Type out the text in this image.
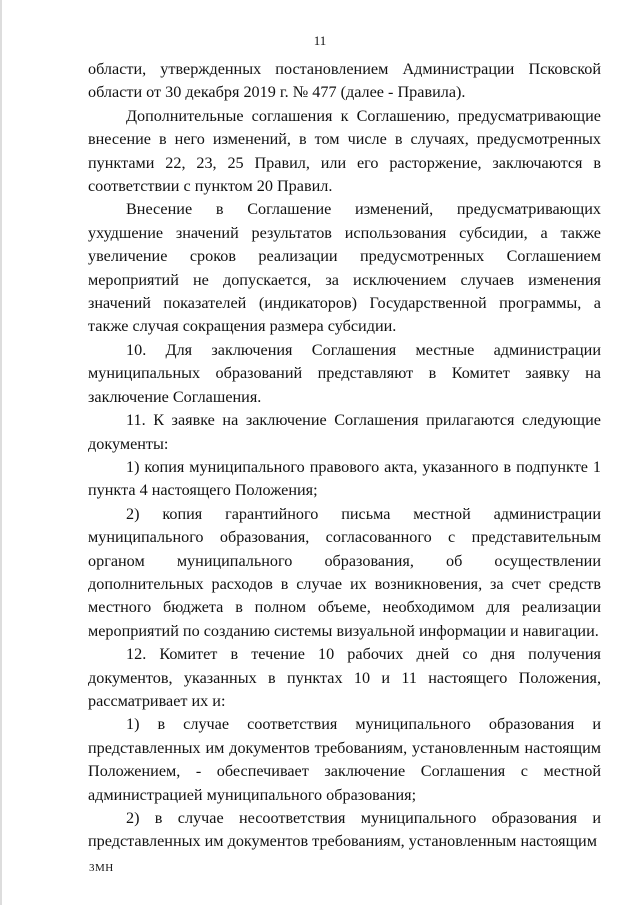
11

области, утвержденных постановлением Администрации Псковской области от 30 декабря 2019 г. № 477 (далее - Правила).

Дополнительные соглашения к Соглашению, предусматривающие внесение в него изменений, в том числе в случаях, предусмотренных пунктами 22, 23, 25 Правил, или его расторжение, заключаются в соответствии с пунктом 20 Правил.

Внесение в Соглашение изменений, предусматривающих ухудшение значений результатов использования субсидии, а также увеличение сроков реализации предусмотренных Соглашением мероприятий не допускается, за исключением случаев изменения значений показателей (индикаторов) Государственной программы, а также случая сокращения размера субсидии.

10. Для заключения Соглашения местные администрации муниципальных образований представляют в Комитет заявку на заключение Соглашения.

11. К заявке на заключение Соглашения прилагаются следующие документы:

1) копия муниципального правового акта, указанного в подпункте 1 пункта 4 настоящего Положения;

2) копия гарантийного письма местной администрации муниципального образования, согласованного с представительным органом муниципального образования, об осуществлении дополнительных расходов в случае их возникновения, за счет средств местного бюджета в полном объеме, необходимом для реализации мероприятий по созданию системы визуальной информации и навигации.

12. Комитет в течение 10 рабочих дней со дня получения документов, указанных в пунктах 10 и 11 настоящего Положения, рассматривает их и:

1) в случае соответствия муниципального образования и представленных им документов требованиям, установленным настоящим Положением, - обеспечивает заключение Соглашения с местной администрацией муниципального образования;

2) в случае несоответствия муниципального образования и представленных им документов требованиям, установленным настоящим

3МН
